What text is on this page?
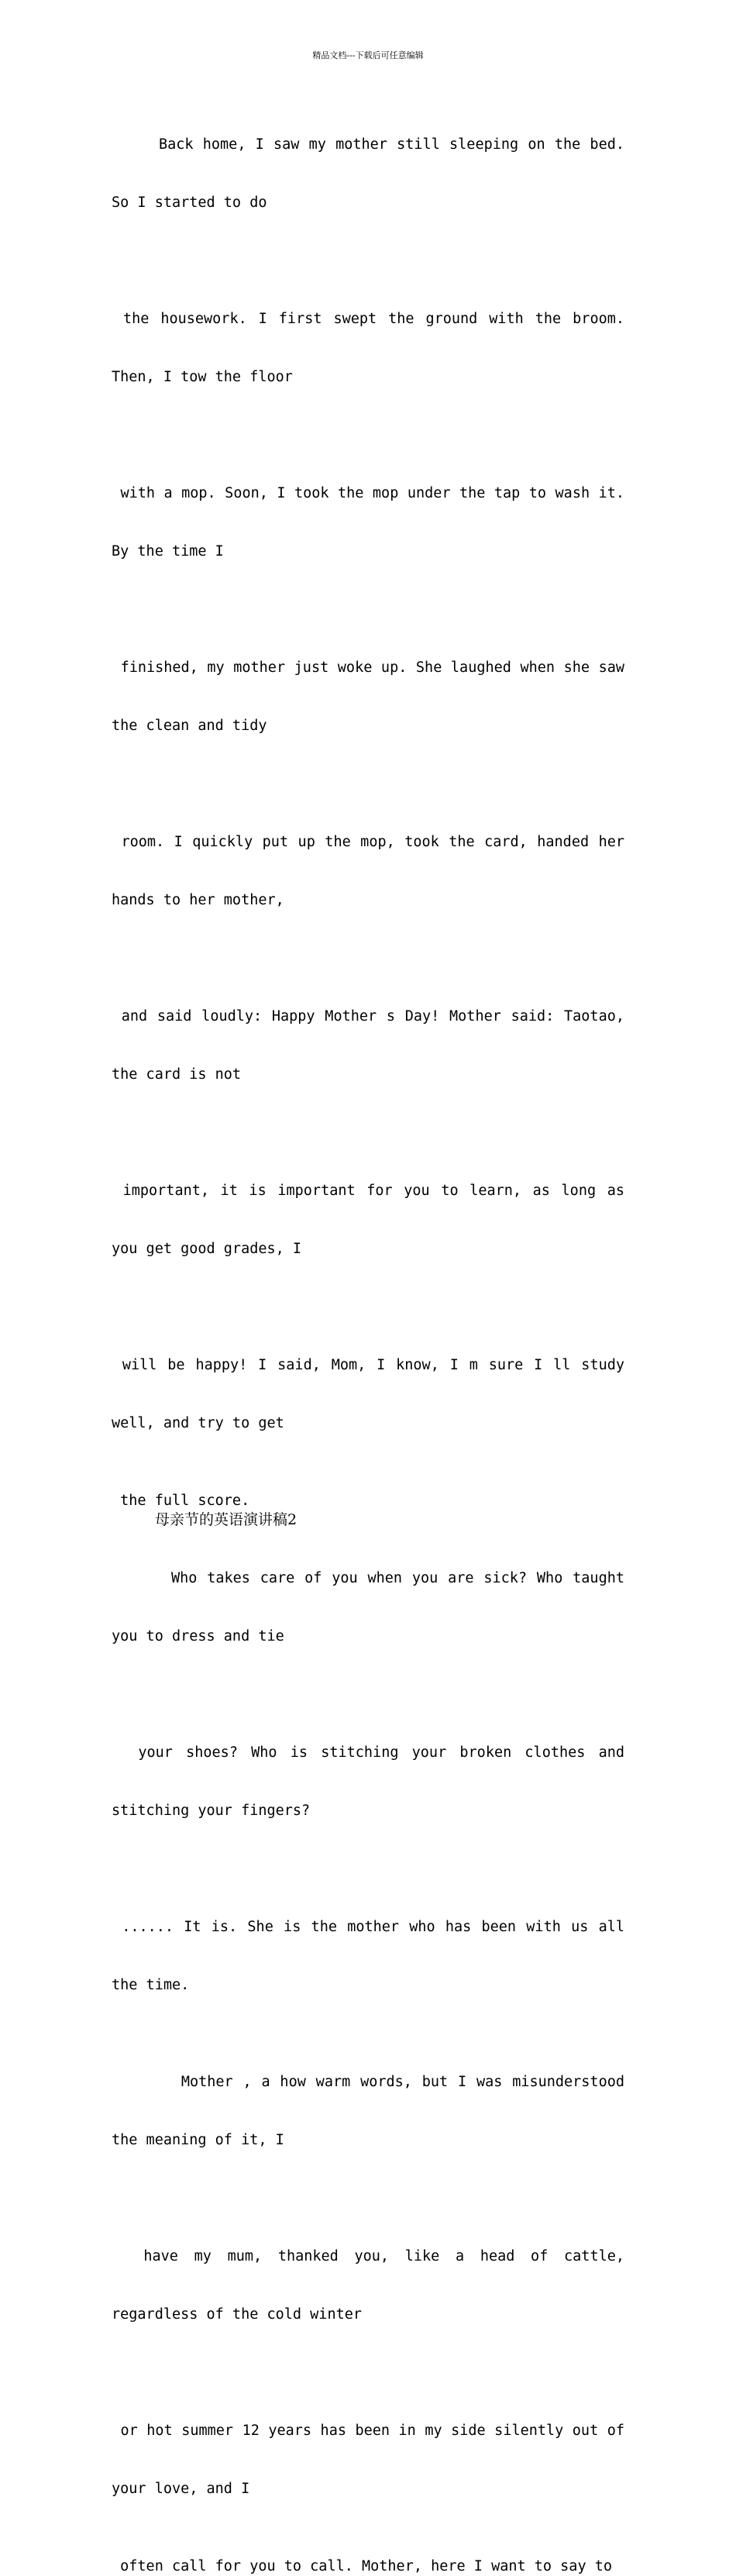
精品文档---下载后可任意编辑

Back home, I saw my mother still sleeping on the bed.

So I started to do

the housework. I first swept the ground with the broom.

Then, I tow the floor

with a mop. Soon, I took the mop under the tap to wash it.

By the time I

finished, my mother just woke up. She laughed when she saw

the clean and tidy

room. I quickly put up the mop, took the card, handed her

hands to her mother,

and said loudly: Happy Mother s Day! Mother said: Taotao,

the card is not

important, it is important for you to learn, as long as

you get good grades, I

will be happy! I said, Mom, I know, I m sure I ll study

well, and try to get

the full score.
母亲节的英语演讲稿2

Who takes care of you when you are sick? Who taught

you to dress and tie

your shoes? Who is stitching your broken clothes and

stitching your fingers?

...... It is. She is the mother who has been with us all

the time.

Mother , a how warm words, but I was misunderstood

the meaning of it, I

have my mum, thanked you, like a head of cattle,

regardless of the cold winter

or hot summer 12 years has been in my side silently out of

your love, and I

often call for you to call. Mother, here I want to say to
